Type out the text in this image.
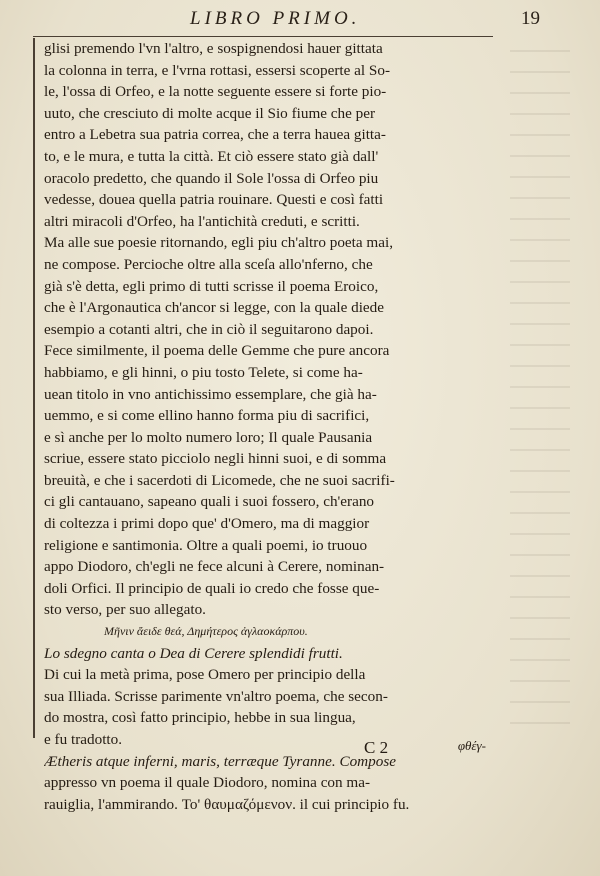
LIBRO PRIMO.	19
glisi premendo l'vn l'altro, e sospignendosi hauer gittata
la colonna in terra, e l'vrna rottasi, essersi scoperte al So-
le, l'ossa di Orfeo, e la notte seguente essere si forte pio-
uuto, che cresciuto di molte acque il Sio fiume che per
entro a Lebetra sua patria correa, che a terra hauea gitta-
to, e le mura, e tutta la città. Et ciò essere stato già dall'
oracolo predetto, che quando il Sole l'ossa di Orfeo piu
vedesse, douea quella patria rouinare. Questi e così fatti
altri miracoli d'Orfeo, ha l'antichità creduti, e scritti.
Ma alle sue poesie ritornando, egli piu ch'altro poeta mai,
ne compose. Percioche oltre alla sceſa allo'nferno, che
già s'è detta, egli primo di tutti scrisse il poema Eroico,
che è l'Argonautica ch'ancor si legge, con la quale diede
esempio a cotanti altri, che in ciò il seguitarono dapoi.
Fece similmente, il poema delle Gemme che pure ancora
habbiamo, e gli hinni, o piu tosto Telete, si come ha-
uean titolo in vno antichissimo essemplare, che già ha-
uemmo, e si come ellino hanno forma piu di sacrifici,
e sì anche per lo molto numero loro; Il quale Pausania
scriue, essere stato picciolo negli hinni suoi, e di somma
breuità, e che i sacerdoti di Licomede, che ne suoi sacrifi-
ci gli cantauano, sapeano quali i suoi fossero, ch'erano
di coltezza i primi dopo que' d'Omero, ma di maggior
religione e santimonia. Oltre a quali poemi, io truouo
appo Diodoro, ch'egli ne fece alcuni à Cerere, nominan-
doli Orfici. Il principio de quali io credo che fosse que-
sto verso, per suo allegato.
Μῆνιν ἄειδε θεά, Δημήτερος ἀγλαοκάρπου.
Lo sdegno canta o Dea di Cerere splendidi frutti.
Di cui la metà prima, pose Omero per principio della
sua Illiada. Scrisse parimente vn'altro poema, che secon-
do mostra, così fatto principio, hebbe in sua lingua,
e fu tradotto.
Ætheris atque inferni, maris, terræque Tyranne. Compose
appresso vn poema il quale Diodoro, nomina con ma-
rauiglia, l'ammirando. Το' θαυμαζόμενον. il cui principio fu.
C 2	φθέγ-
